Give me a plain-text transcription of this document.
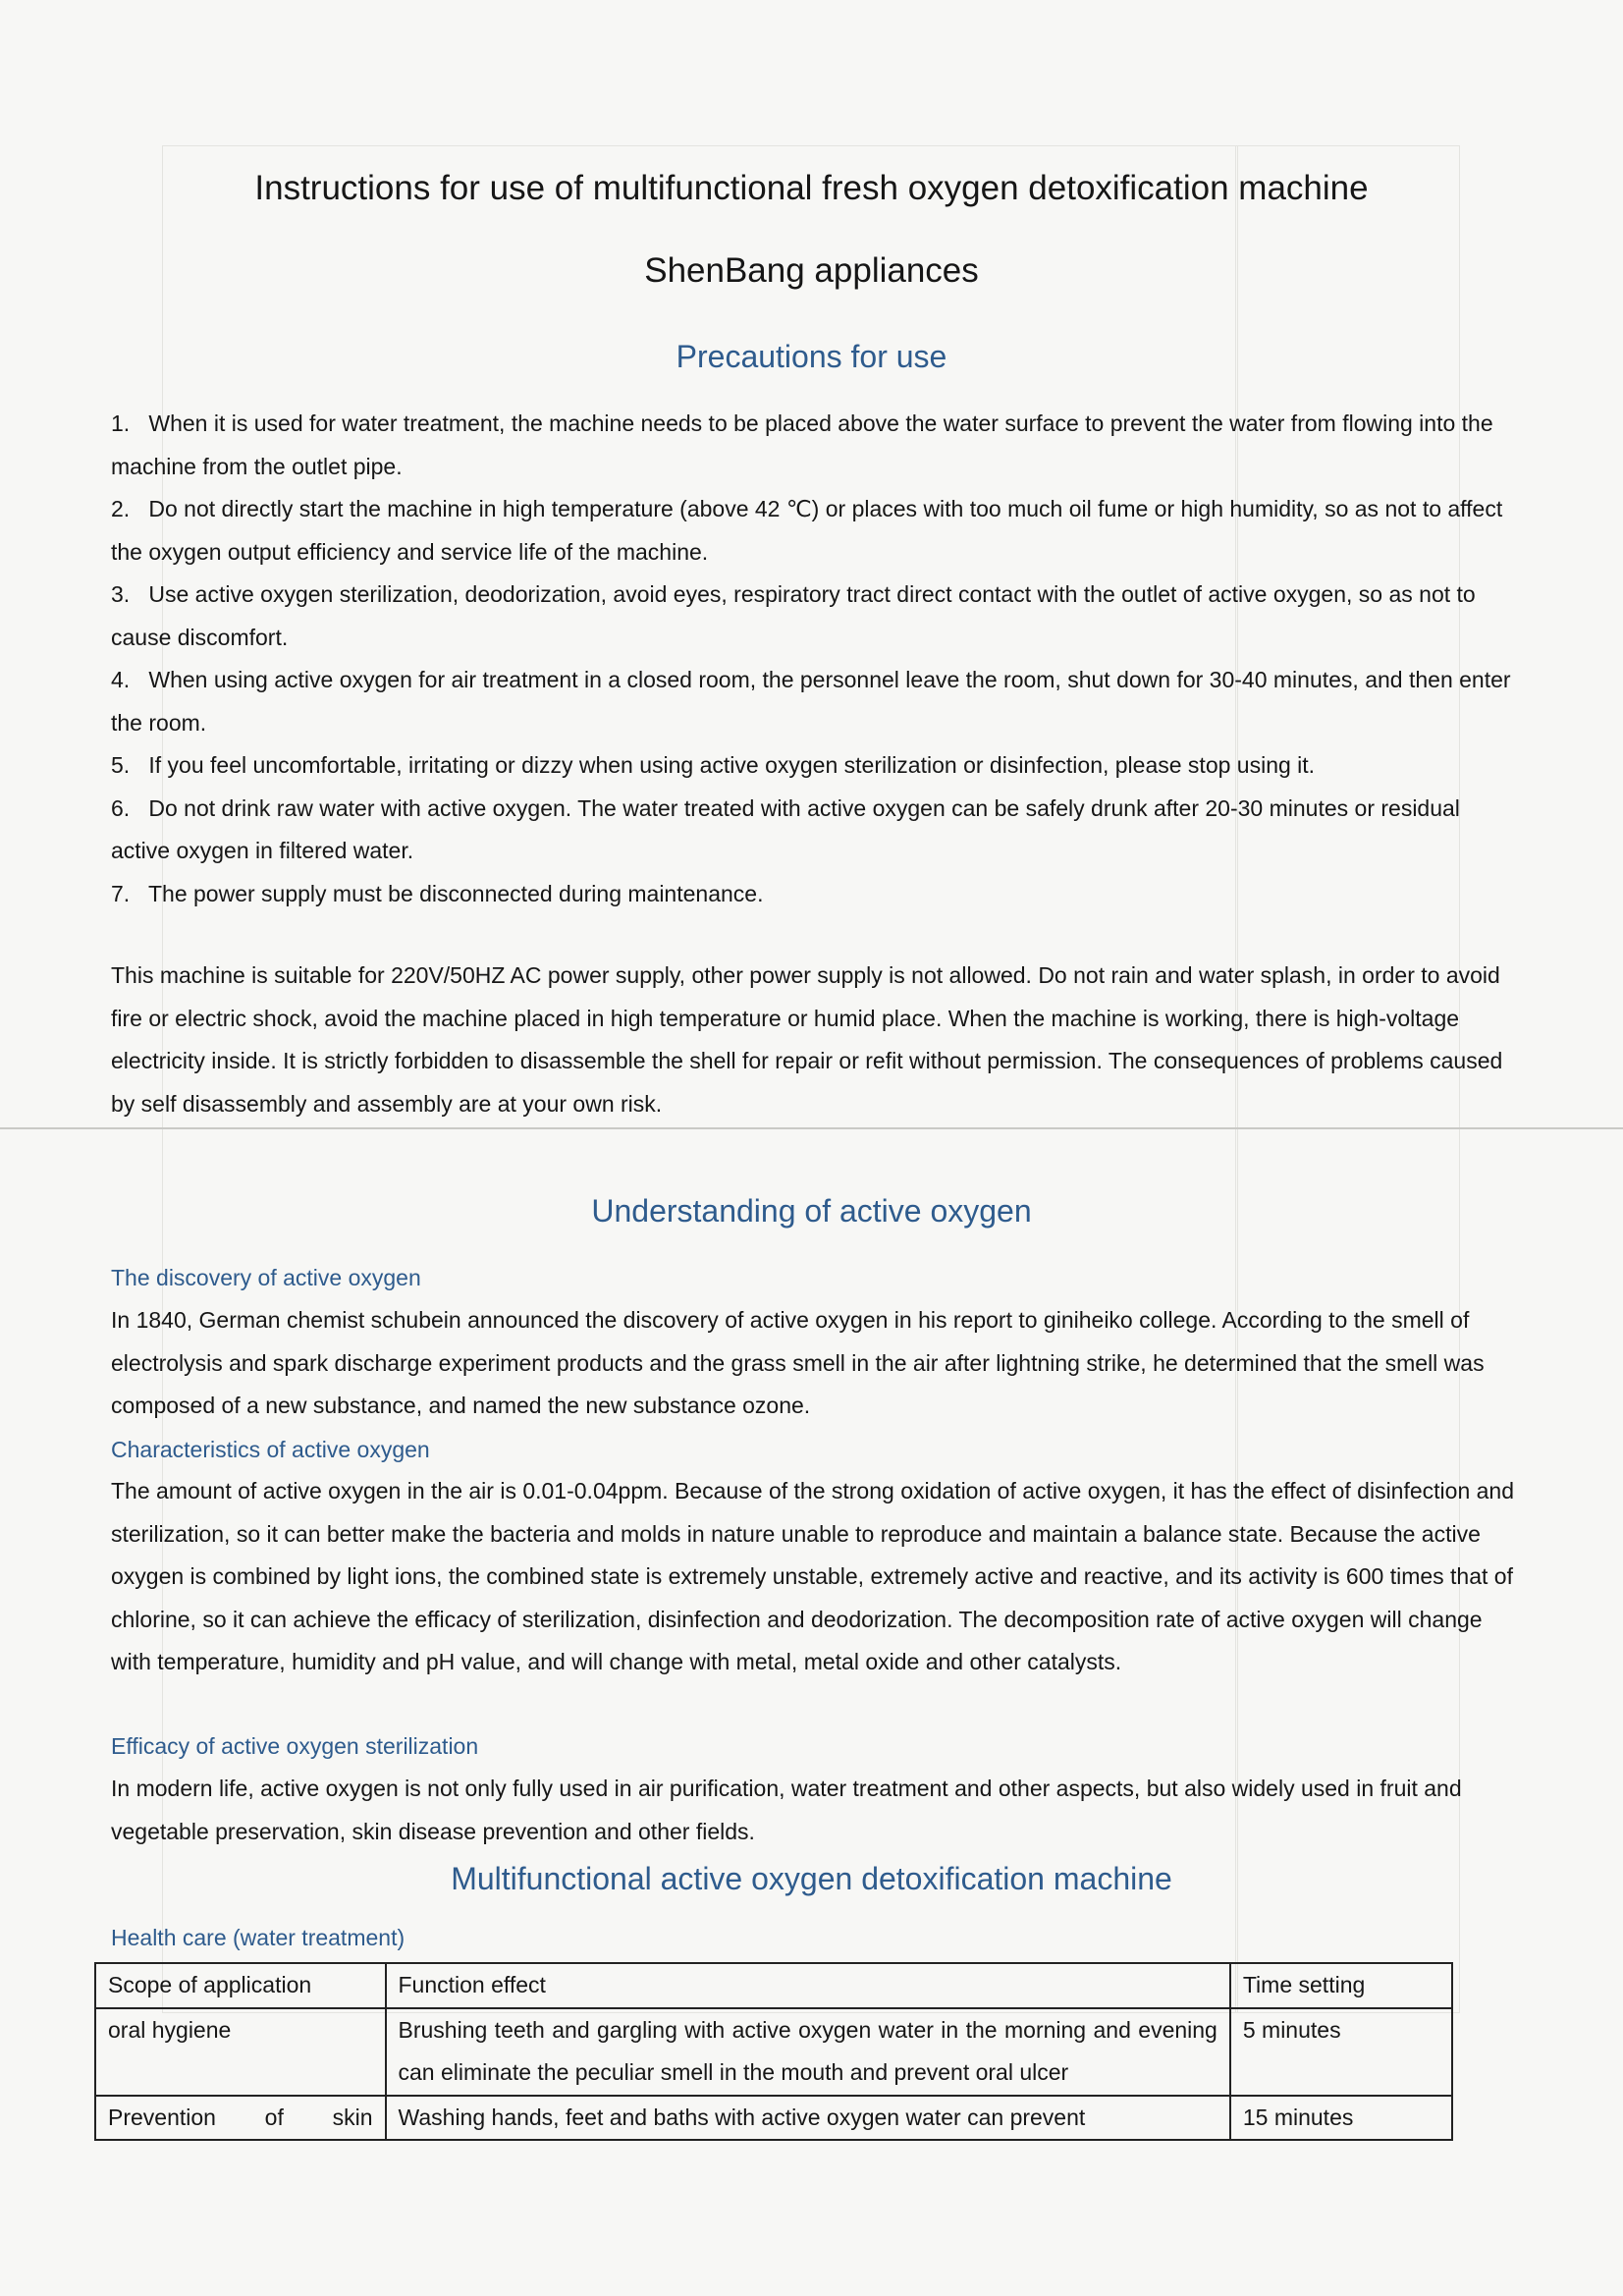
Instructions for use of multifunctional fresh oxygen detoxification machine
ShenBang appliances
Precautions for use
1. When it is used for water treatment, the machine needs to be placed above the water surface to prevent the water from flowing into the machine from the outlet pipe.
2. Do not directly start the machine in high temperature (above 42 ℃) or places with too much oil fume or high humidity, so as not to affect the oxygen output efficiency and service life of the machine.
3. Use active oxygen sterilization, deodorization, avoid eyes, respiratory tract direct contact with the outlet of active oxygen, so as not to cause discomfort.
4. When using active oxygen for air treatment in a closed room, the personnel leave the room, shut down for 30-40 minutes, and then enter the room.
5. If you feel uncomfortable, irritating or dizzy when using active oxygen sterilization or disinfection, please stop using it.
6. Do not drink raw water with active oxygen. The water treated with active oxygen can be safely drunk after 20-30 minutes or residual active oxygen in filtered water.
7. The power supply must be disconnected during maintenance.
This machine is suitable for 220V/50HZ AC power supply, other power supply is not allowed. Do not rain and water splash, in order to avoid fire or electric shock, avoid the machine placed in high temperature or humid place. When the machine is working, there is high-voltage electricity inside. It is strictly forbidden to disassemble the shell for repair or refit without permission. The consequences of problems caused by self disassembly and assembly are at your own risk.
Understanding of active oxygen
The discovery of active oxygen
In 1840, German chemist schubein announced the discovery of active oxygen in his report to giniheiko college. According to the smell of electrolysis and spark discharge experiment products and the grass smell in the air after lightning strike, he determined that the smell was composed of a new substance, and named the new substance ozone.
Characteristics of active oxygen
The amount of active oxygen in the air is 0.01-0.04ppm. Because of the strong oxidation of active oxygen, it has the effect of disinfection and sterilization, so it can better make the bacteria and molds in nature unable to reproduce and maintain a balance state. Because the active oxygen is combined by light ions, the combined state is extremely unstable, extremely active and reactive, and its activity is 600 times that of chlorine, so it can achieve the efficacy of sterilization, disinfection and deodorization. The decomposition rate of active oxygen will change with temperature, humidity and pH value, and will change with metal, metal oxide and other catalysts.
Efficacy of active oxygen sterilization
In modern life, active oxygen is not only fully used in air purification, water treatment and other aspects, but also widely used in fruit and vegetable preservation, skin disease prevention and other fields.
Multifunctional active oxygen detoxification machine
Health care (water treatment)
Scope of application	Function effect	Time setting
oral hygiene	Brushing teeth and gargling with active oxygen water in the morning and evening can eliminate the peculiar smell in the mouth and prevent oral ulcer	5 minutes
Prevention of skin	Washing hands, feet and baths with active oxygen water can prevent	15 minutes
